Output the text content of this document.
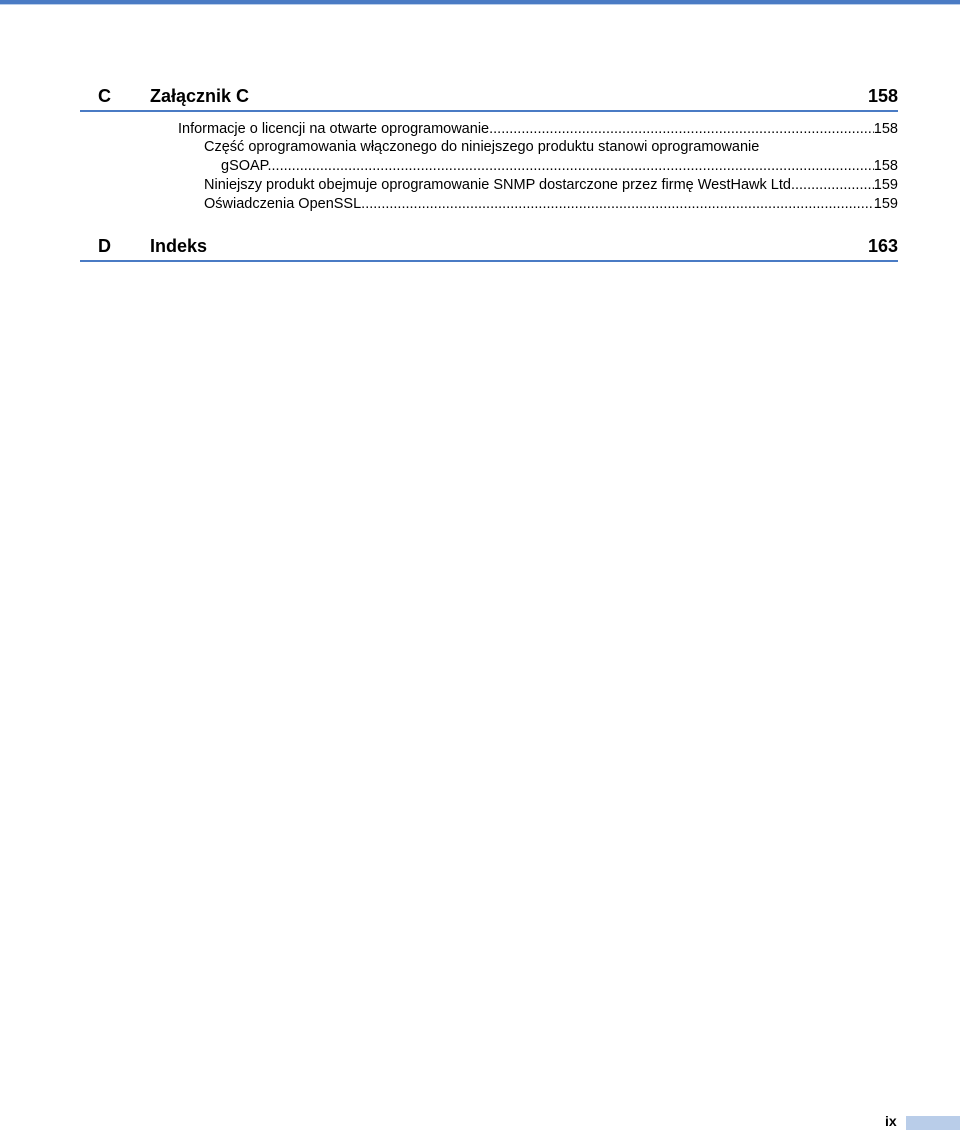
C Załącznik C	158
Informacje o licencji na otwarte oprogramowanie .....	158
Część oprogramowania włączonego do niniejszego produktu stanowi oprogramowanie
gSOAP. .....	158
Niniejszy produkt obejmuje oprogramowanie SNMP dostarczone przez firmę WestHawk Ltd. .....	159
Oświadczenia OpenSSL .....	159
D Indeks	163
ix
